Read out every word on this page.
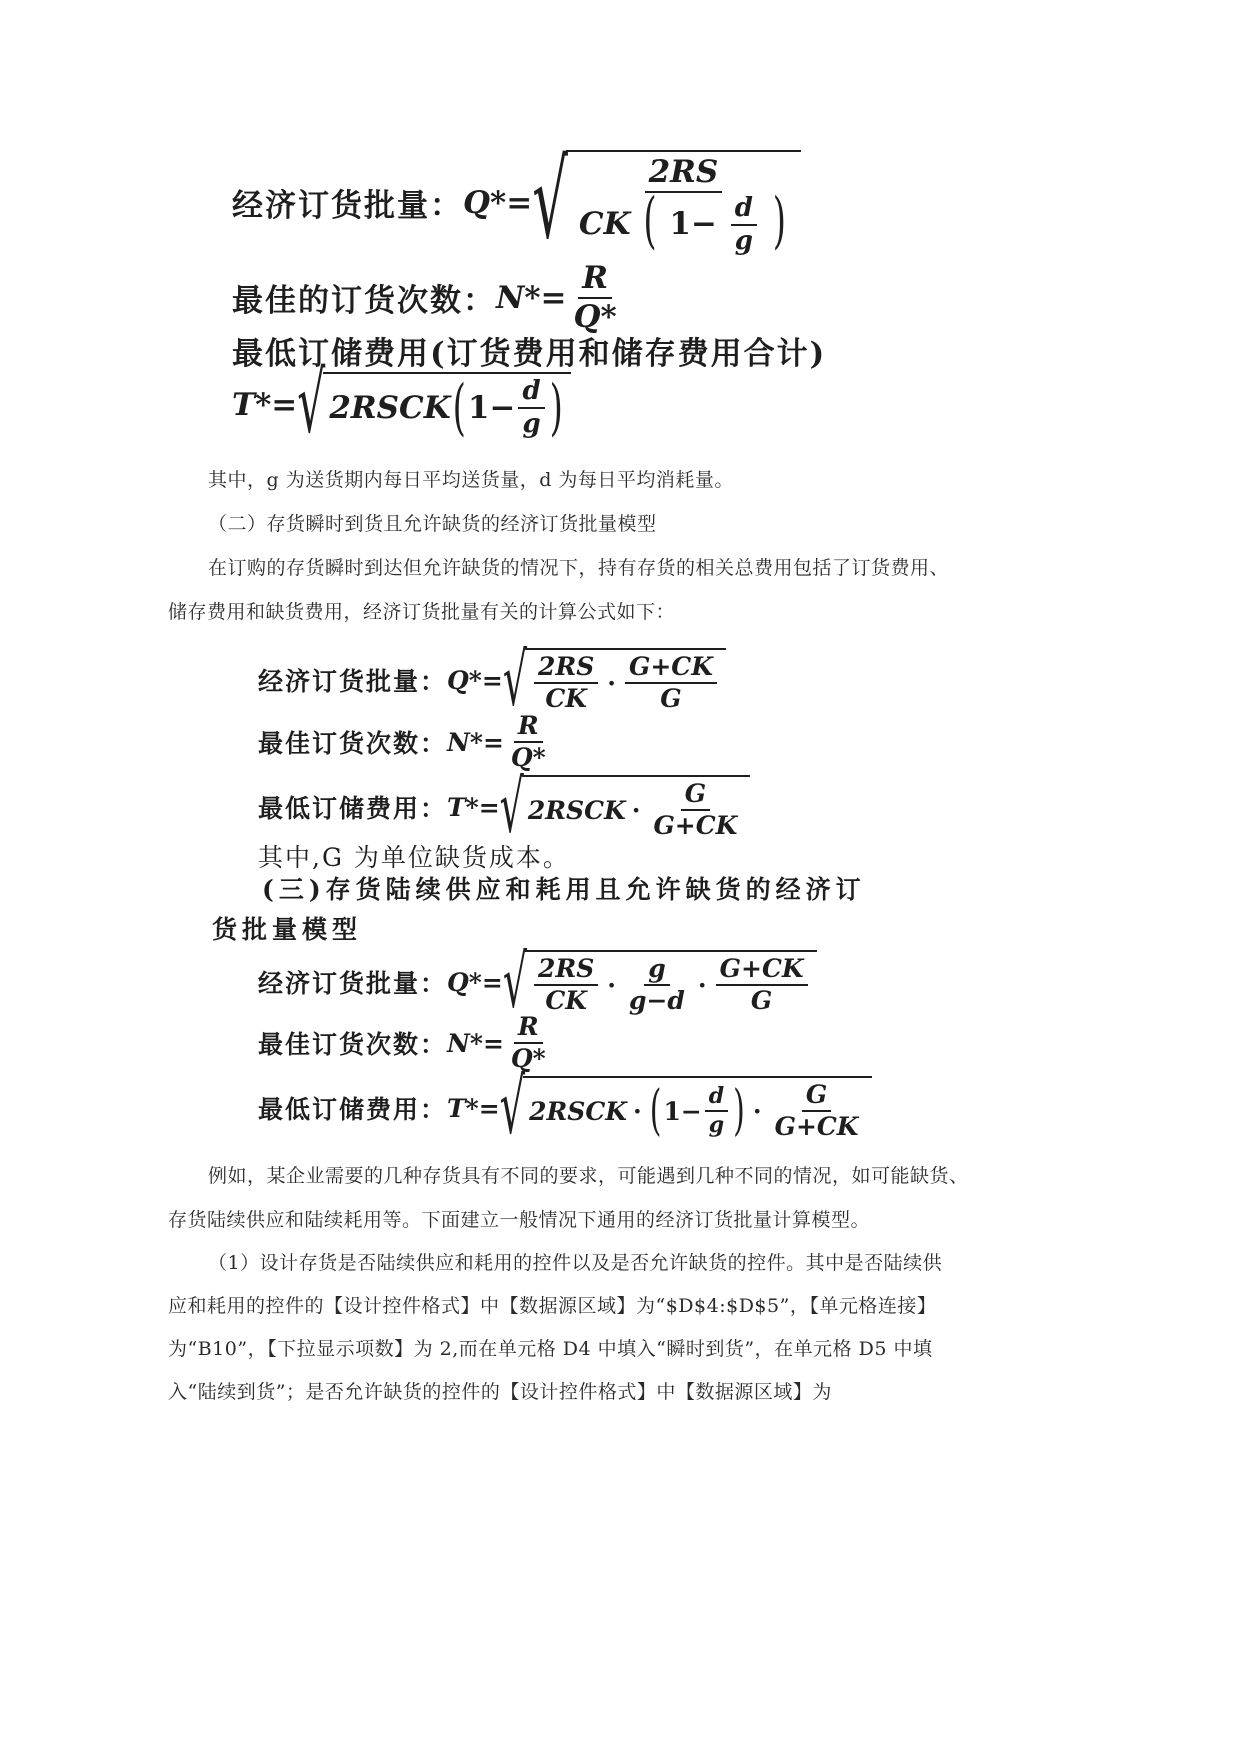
经济订货批量： Q*= √	2RS
CK ( $1- \frac{d}{g}$ )
最佳的订货次数： $N*= \frac{R}{Q*}$
最低订储费用(订货费用和储存费用合计)
T*= √ 2RSCK ( $1- \frac{d}{g}$ )
其中，g 为送货期内每日平均送货量，d 为每日平均消耗量。
（二）存货瞬时到货且允许缺货的经济订货批量模型
在订购的存货瞬时到达但允许缺货的情况下，持有存货的相关总费用包括了订货费用、
储存费用和缺货费用，经济订货批量有关的计算公式如下：
经济订货批量： Q*= √ $\frac{2RS}{CK} \cdot \frac{G+CK}{G}$
最佳订货次数： $N*= \frac{R}{Q*}$
最低订储费用： T*= √ 2RSCK · $\frac{G}{G+CK}$
其中,G 为单位缺货成本。
(三)存货陆续供应和耗用且允许缺货的经济订
货批量模型
经济订货批量： Q*= √ $\frac{2RS}{CK} \cdot \frac{g}{g-d} \cdot \frac{G+CK}{G}$
最佳订货次数： $N*= \frac{R}{Q*}$
最低订储费用： T*= √ 2RSCK · ( $1- \frac{d}{g}$ ) · $\frac{G}{G+CK}$
例如，某企业需要的几种存货具有不同的要求，可能遇到几种不同的情况，如可能缺货、
存货陆续供应和陆续耗用等。下面建立一般情况下通用的经济订货批量计算模型。
（1）设计存货是否陆续供应和耗用的控件以及是否允许缺货的控件。其中是否陆续供
应和耗用的控件的【设计控件格式】中【数据源区域】为“$D$4:$D$5”，【单元格连接】
为“B10”，【下拉显示项数】为 2,而在单元格 D4 中填入“瞬时到货”，在单元格 D5 中填
入“陆续到货”；是否允许缺货的控件的【设计控件格式】中【数据源区域】为
